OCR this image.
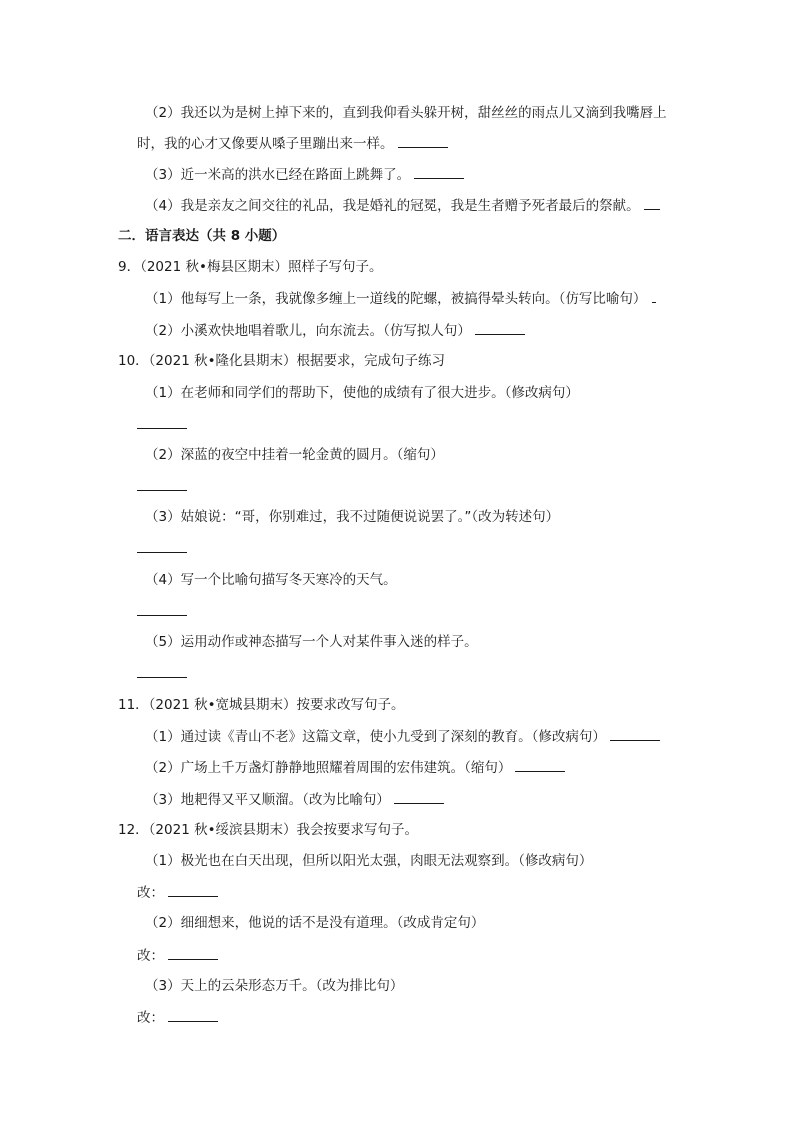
（2）我还以为是树上掉下来的，直到我仰看头躲开树，甜丝丝的雨点儿又滴到我嘴唇上
时，我的心才又像要从嗓子里蹦出来一样。
（3）近一米高的洪水已经在路面上跳舞了。
（4）我是亲友之间交往的礼品，我是婚礼的冠冕，我是生者赠予死者最后的祭献。
二．语言表达（共 8 小题）
9．（2021 秋•梅县区期末）照样子写句子。
（1）他每写上一条，我就像多缠上一道线的陀螺，被搞得晕头转向。（仿写比喻句）
（2）小溪欢快地唱着歌儿，向东流去。（仿写拟人句）
10．（2021 秋•隆化县期末）根据要求，完成句子练习
（1）在老师和同学们的帮助下，使他的成绩有了很大进步。（修改病句）
（2）深蓝的夜空中挂着一轮金黄的圆月。（缩句）
（3）姑娘说：“哥，你别难过，我不过随便说说罢了。”（改为转述句）
（4）写一个比喻句描写冬天寒冷的天气。
（5）运用动作或神态描写一个人对某件事入迷的样子。
11．（2021 秋•宽城县期末）按要求改写句子。
（1）通过读《青山不老》这篇文章，使小九受到了深刻的教育。（修改病句）
（2）广场上千万盏灯静静地照耀着周围的宏伟建筑。（缩句）
（3）地耙得又平又顺溜。（改为比喻句）
12．（2021 秋•绥滨县期末）我会按要求写句子。
（1）极光也在白天出现，但所以阳光太强，肉眼无法观察到。（修改病句）
改：
（2）细细想来，他说的话不是没有道理。（改成肯定句）
改：
（3）天上的云朵形态万千。（改为排比句）
改：
